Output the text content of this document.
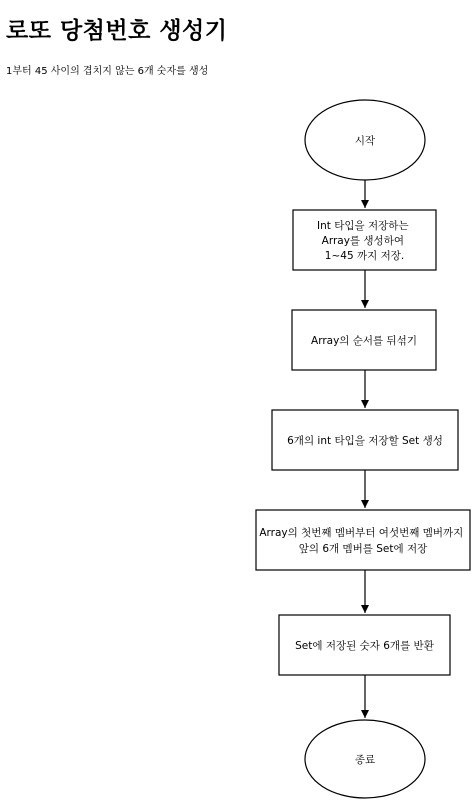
로또 당첨번호 생성기

1부터 45 사이의 겹치지 않는 6개 숫자를 생성

시작
Int 타입을 저장하는 Array를 생성하여 1~45 까지 저장.
Array의 순서를 뒤섞기
6개의 int 타입을 저장할 Set 생성
Array의 첫번째 멤버부터 여섯번째 멤버까지 앞의 6개 멤버를 Set에 저장
Set에 저장된 숫자 6개를 반환
종료
